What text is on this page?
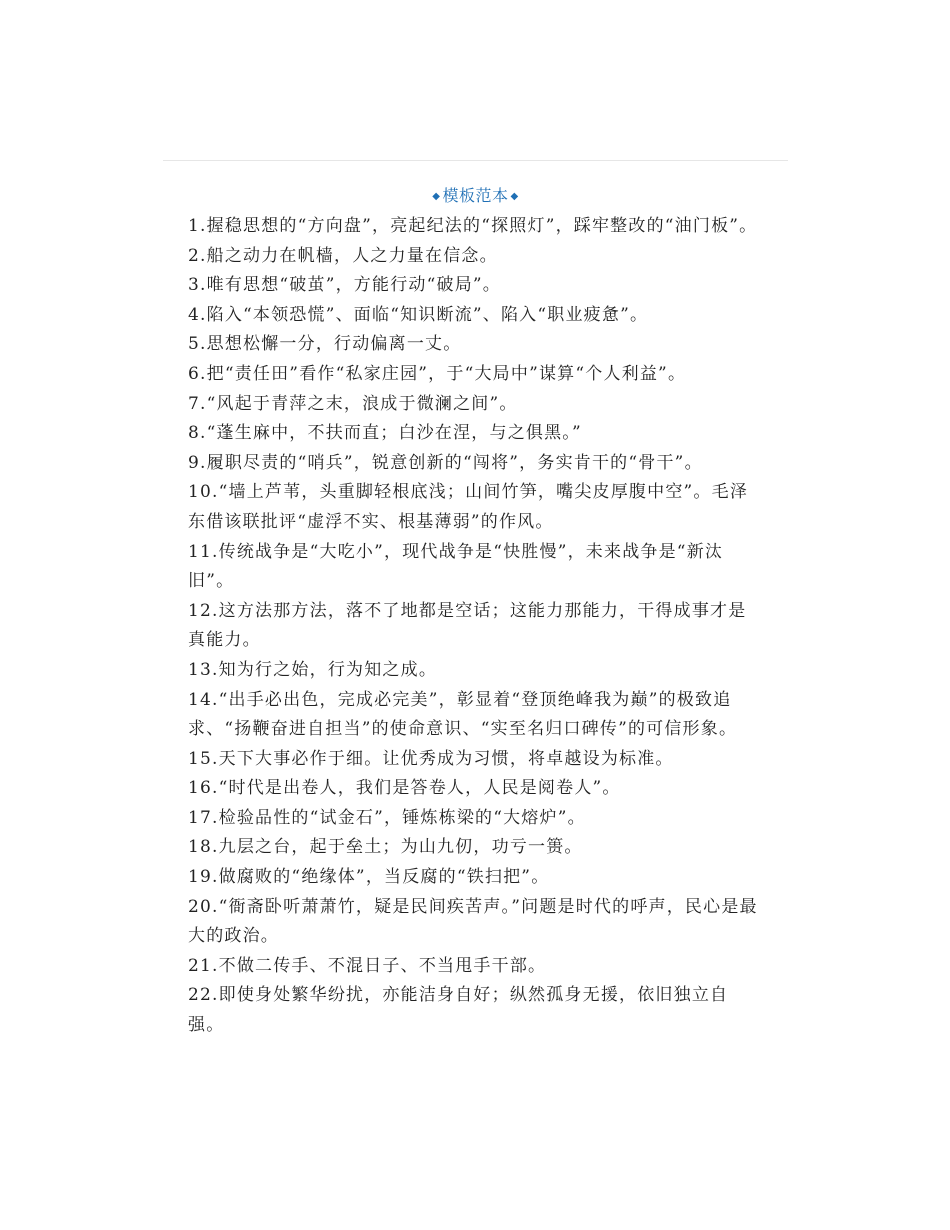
◆ 模板范本 ◆

1.握稳思想的“方向盘”，亮起纪法的“探照灯”，踩牢整改的“油门板”。

2.船之动力在帆樯，人之力量在信念。

3.唯有思想“破茧”，方能行动“破局”。

4.陷入“本领恐慌”、面临“知识断流”、陷入“职业疲惫”。

5.思想松懈一分，行动偏离一丈。

6.把“责任田”看作“私家庄园”，于“大局中”谋算“个人利益”。

7.“风起于青萍之末，浪成于微澜之间”。

8.“蓬生麻中，不扶而直；白沙在涅，与之俱黑。”

9.履职尽责的“哨兵”，锐意创新的“闯将”，务实肯干的“骨干”。

10.“墙上芦苇，头重脚轻根底浅；山间竹笋，嘴尖皮厚腹中空”。毛泽东借该联批评“虚浮不实、根基薄弱”的作风。

11.传统战争是“大吃小”，现代战争是“快胜慢”，未来战争是“新汰旧”。

12.这方法那方法，落不了地都是空话；这能力那能力，干得成事才是真能力。

13.知为行之始，行为知之成。

14.“出手必出色，完成必完美”，彰显着“登顶绝峰我为巅”的极致追求、“扬鞭奋进自担当”的使命意识、“实至名归口碑传”的可信形象。

15.天下大事必作于细。让优秀成为习惯，将卓越设为标准。

16.“时代是出卷人，我们是答卷人，人民是阅卷人”。

17.检验品性的“试金石”，锤炼栋梁的“大熔炉”。

18.九层之台，起于垒土；为山九仞，功亏一篑。

19.做腐败的“绝缘体”，当反腐的“铁扫把”。

20.“衙斋卧听萧萧竹，疑是民间疾苦声。”问题是时代的呼声，民心是最大的政治。

21.不做二传手、不混日子、不当甩手干部。

22.即使身处繁华纷扰，亦能洁身自好；纵然孤身无援，依旧独立自强。
